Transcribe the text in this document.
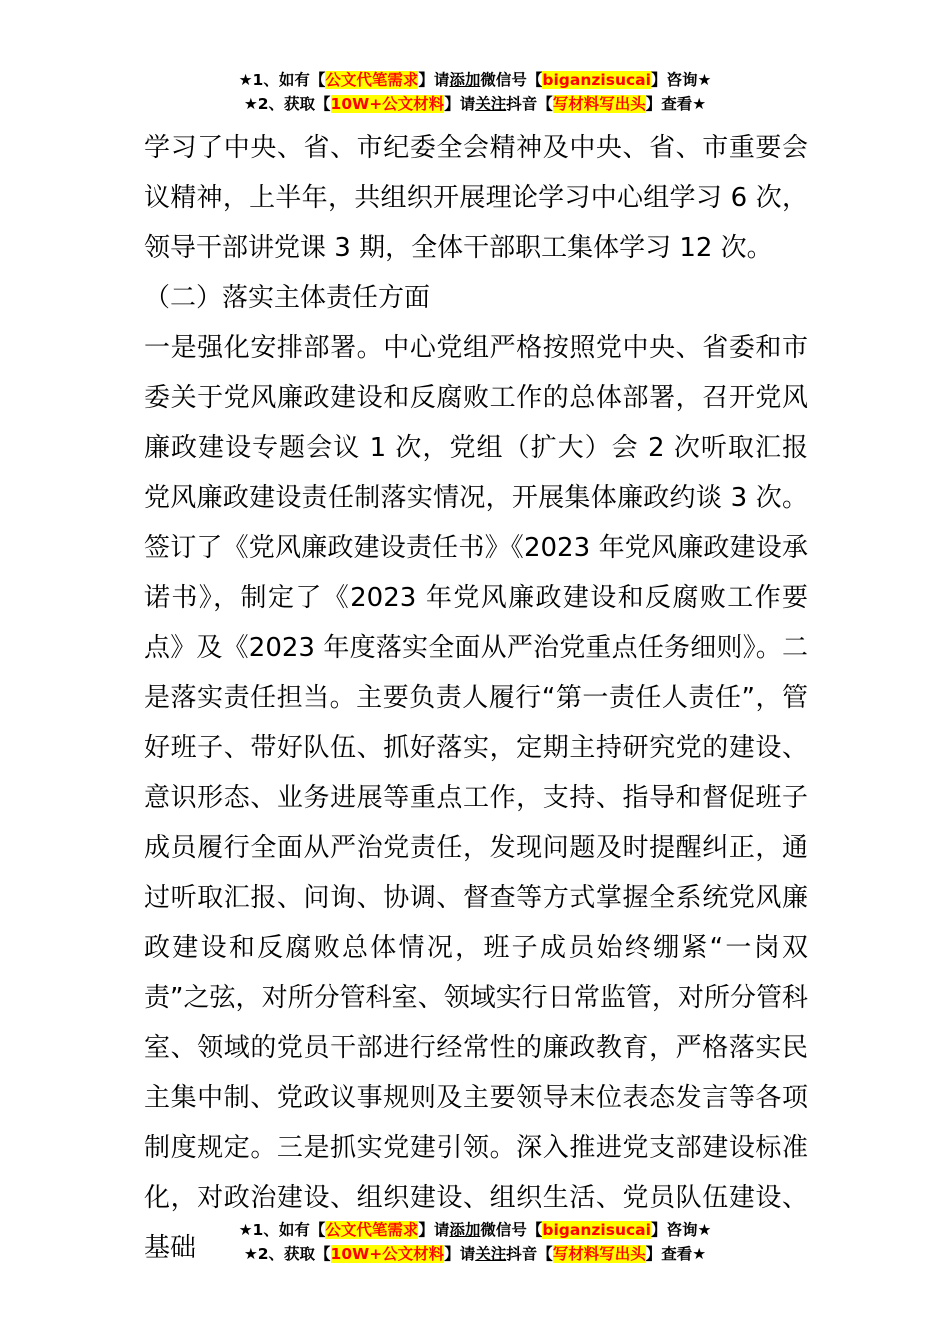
★1、如有【公文代笔需求】请添加微信号【biganzisucai】咨询★
★2、获取【10W+公文材料】请关注抖音【写材料写出头】查看★

学习了中央、省、市纪委全会精神及中央、省、市重要会议精神，上半年，共组织开展理论学习中心组学习 6 次，领导干部讲党课 3 期，全体干部职工集体学习 12 次。

（二）落实主体责任方面

一是强化安排部署。中心党组严格按照党中央、省委和市委关于党风廉政建设和反腐败工作的总体部署，召开党风廉政建设专题会议 1 次，党组（扩大）会 2 次听取汇报党风廉政建设责任制落实情况，开展集体廉政约谈 3 次。签订了《党风廉政建设责任书》《2023 年党风廉政建设承诺书》，制定了《2023 年党风廉政建设和反腐败工作要点》及《2023 年度落实全面从严治党重点任务细则》。二是落实责任担当。主要负责人履行“第一责任人责任”，管好班子、带好队伍、抓好落实，定期主持研究党的建设、意识形态、业务进展等重点工作，支持、指导和督促班子成员履行全面从严治党责任，发现问题及时提醒纠正，通过听取汇报、问询、协调、督查等方式掌握全系统党风廉政建设和反腐败总体情况，班子成员始终绷紧“一岗双责”之弦，对所分管科室、领域实行日常监管，对所分管科室、领域的党员干部进行经常性的廉政教育，严格落实民主集中制、党政议事规则及主要领导末位表态发言等各项制度规定。三是抓实党建引领。深入推进党支部建设标准化，对政治建设、组织建设、组织生活、党员队伍建设、基础

★1、如有【公文代笔需求】请添加微信号【biganzisucai】咨询★
★2、获取【10W+公文材料】请关注抖音【写材料写出头】查看★
